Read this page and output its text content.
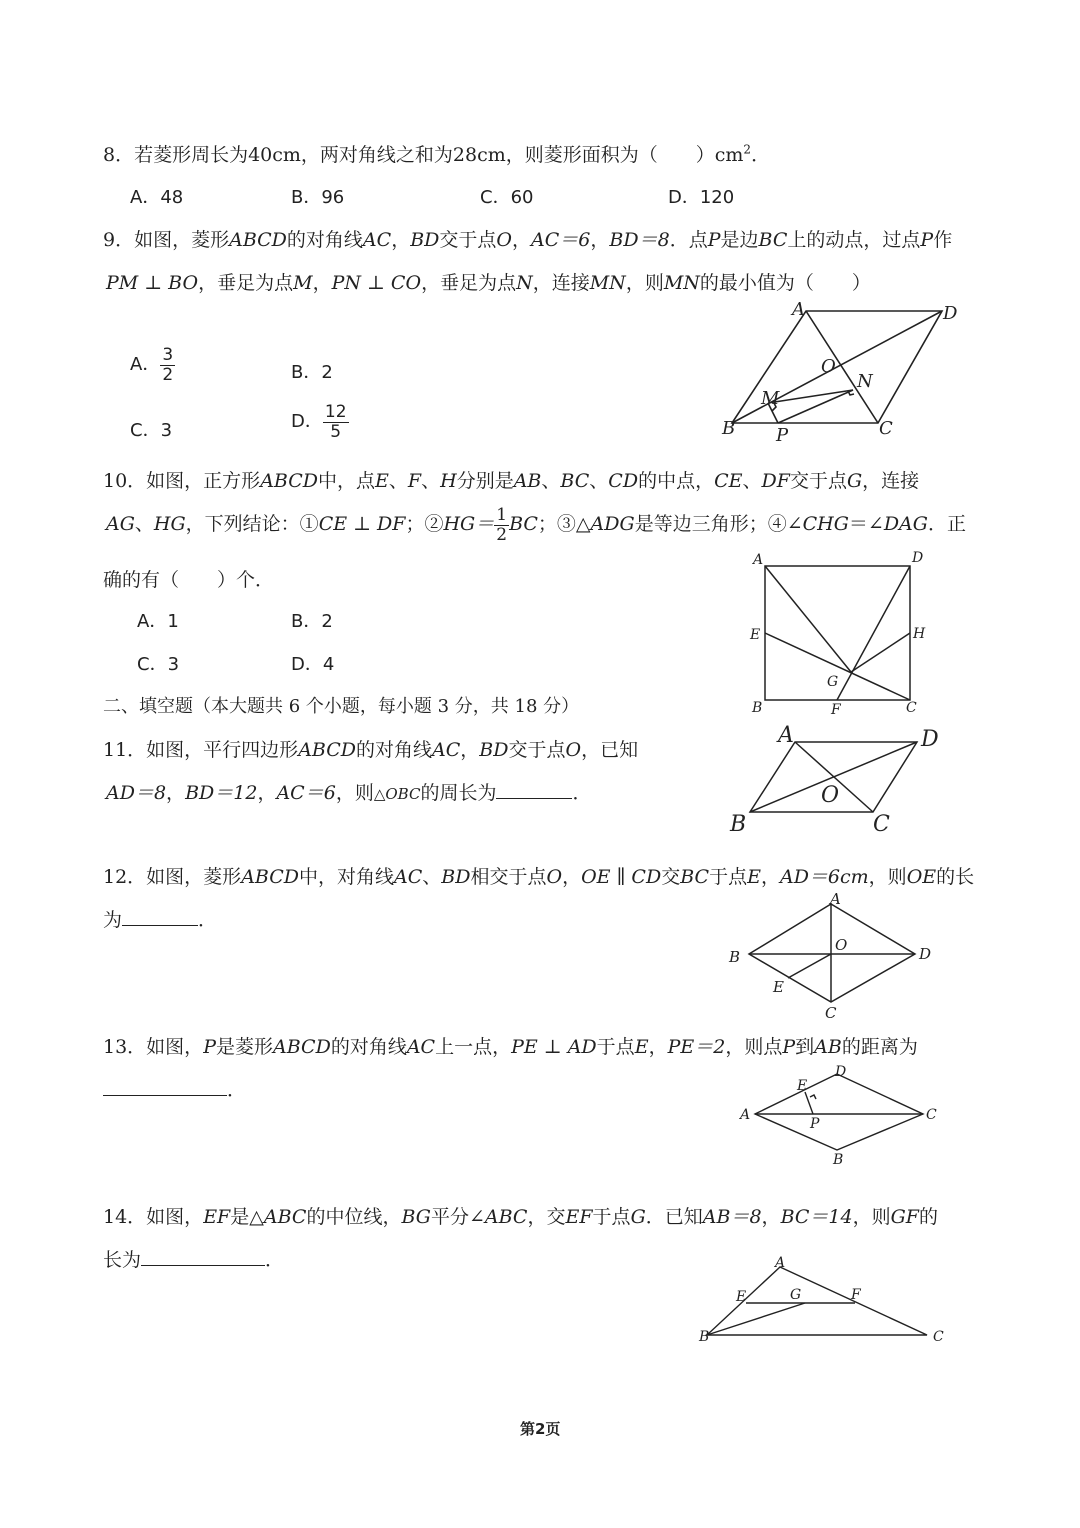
8．若菱形周长为40cm，两对角线之和为28cm，则菱形面积为（　　）$cm^2$．
A．48	B．96	C．60	D．120
9．如图，菱形ABCD的对角线AC，BD交于点O，AC＝6，BD＝8．点P是边BC上的动点，过点P作
PM ⊥ BO，垂足为点M，PN ⊥ CO，垂足为点N，连接MN，则MN的最小值为（　　）
A． $\frac{3}{2}$	B．2
C．3	D． $\frac{12}{5}$
A	D
O
N
M
B	C
P
10．如图，正方形ABCD中，点E、F、H分别是AB、BC、CD的中点，CE、DF交于点G，连接
AG、HG，下列结论：①CE ⊥ DF；②HG＝ $\frac{1}{2}$ BC；③△ADG是等边三角形；④∠CHG＝∠DAG．正
确的有（　　）个．
A．1	B．2
C．3	D．4
A	D
E	H
G
B	F	C
二、填空题（本大题共 6 个小题，每小题 3 分，共 18 分）
11．如图，平行四边形ABCD的对角线AC，BD交于点O，已知
AD＝8，BD＝12，AC＝6，则△OBC的周长为	．
A	D
O
B	C
12．如图，菱形ABCD中，对角线AC、BD相交于点O，OE ∥ CD交BC于点E，AD＝6cm，则OE的长
为	．
A
O
B	D
E
C
13．如图，P是菱形ABCD的对角线AC上一点，PE ⊥ AD于点E，PE＝2，则点P到AB的距离为
．
D
E
A	C
P
B
14．如图，EF是△ABC的中位线，BG平分∠ABC，交EF于点G．已知AB＝8，BC＝14，则GF的
长为	．	A
E	G	F
B	C
第2页
